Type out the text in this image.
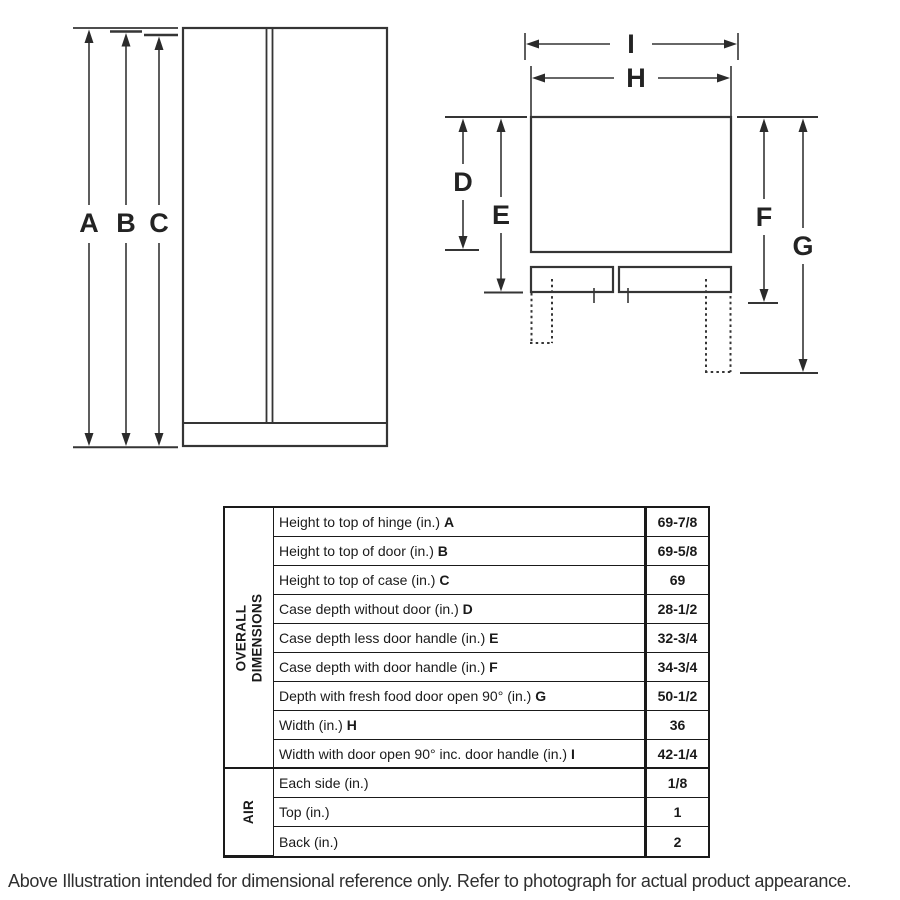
A B C
I
H
D
E	F
G
OVERALL DIMENSIONS	Height to top of hinge (in.) A	69-7/8
	Height to top of door (in.) B	69-5/8
	Height to top of case (in.) C	69
	Case depth without door (in.) D	28-1/2
	Case depth less door handle (in.) E	32-3/4
	Case depth with door handle (in.) F	34-3/4
	Depth with fresh food door open 90° (in.) G	50-1/2
	Width (in.) H	36
	Width with door open 90° inc. door handle (in.) I	42-1/4

AIR	Each side (in.)	1/8
	Top (in.)	1
	Back (in.)	2
Above Illustration intended for dimensional reference only. Refer to photograph for actual product appearance.
